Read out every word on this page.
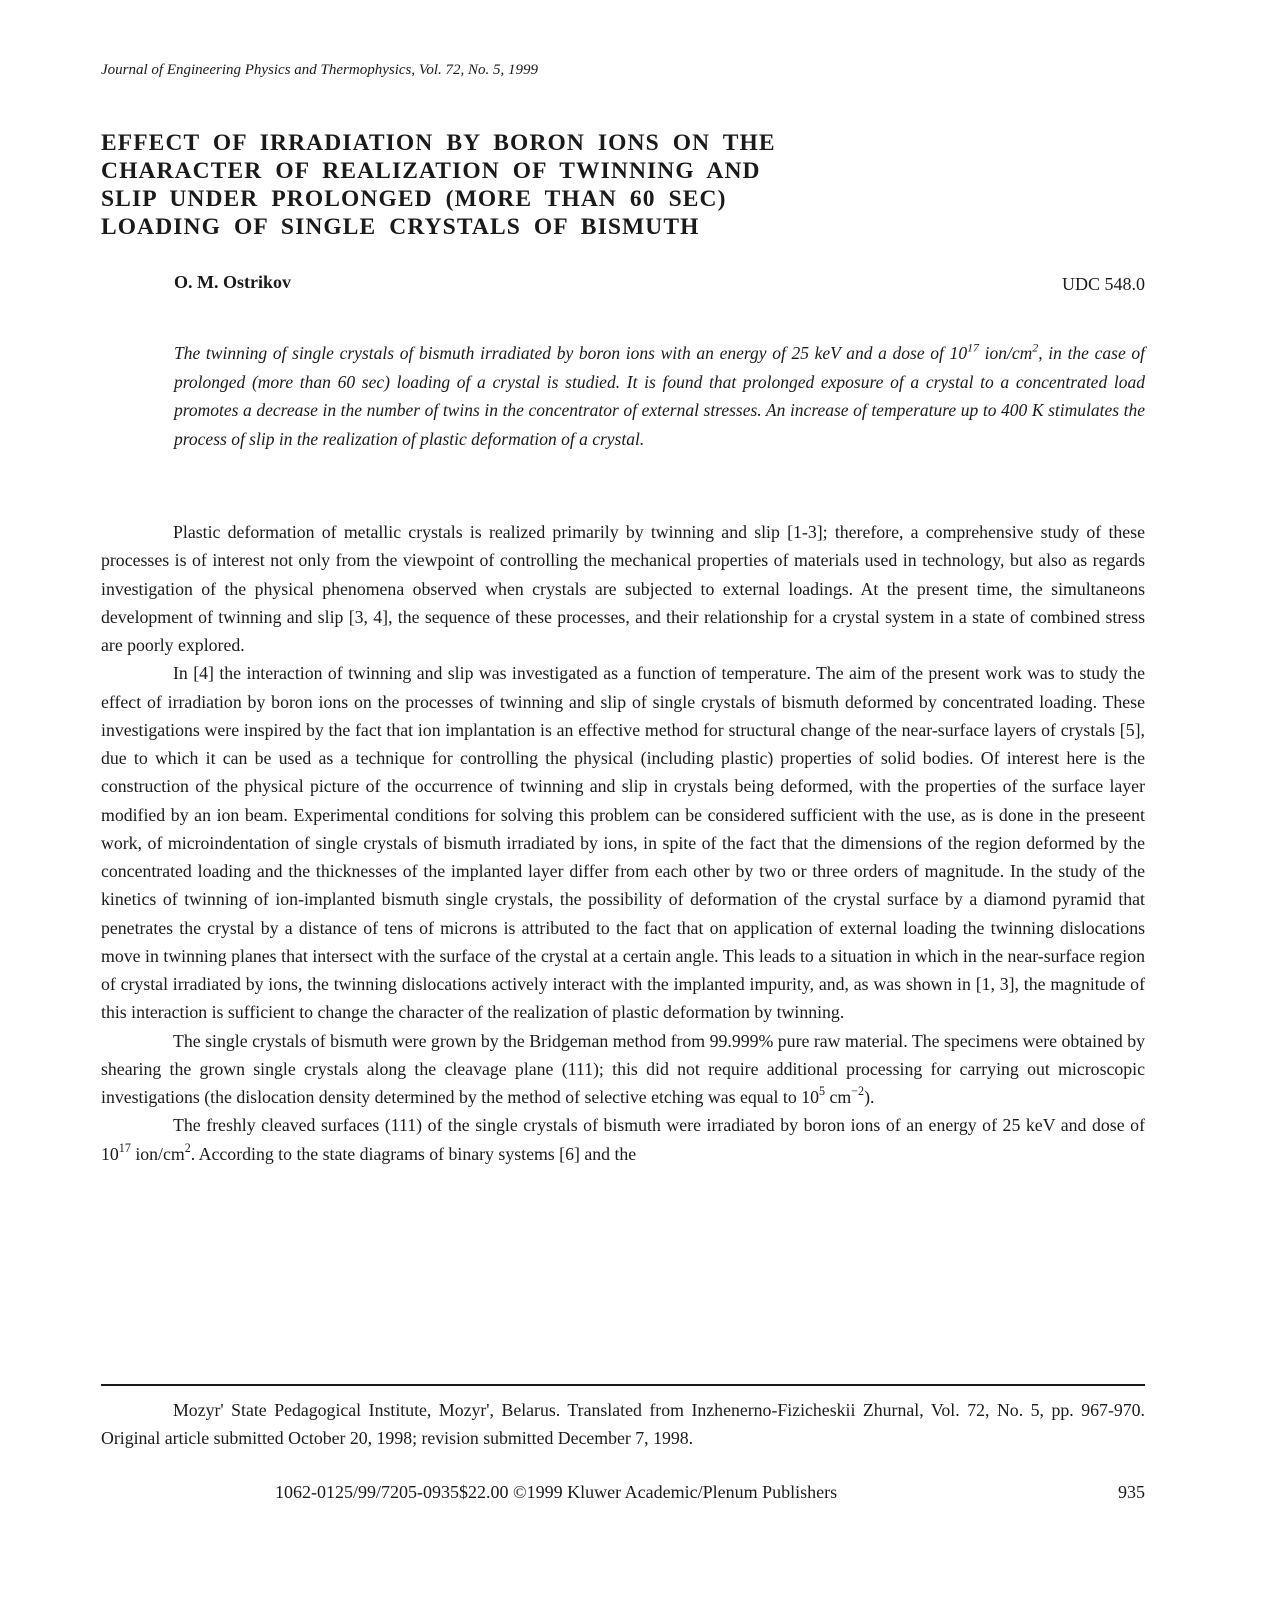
Journal of Engineering Physics and Thermophysics, Vol. 72, No. 5, 1999
EFFECT OF IRRADIATION BY BORON IONS ON THE
CHARACTER OF REALIZATION OF TWINNING AND
SLIP UNDER PROLONGED (MORE THAN 60 SEC)
LOADING OF SINGLE CRYSTALS OF BISMUTH
O. M. Ostrikov	UDC 548.0
The twinning of single crystals of bismuth irradiated by boron ions with an energy of 25 keV and a dose of $10^{17}$ ion/$cm^2$, in the case of prolonged (more than 60 sec) loading of a crystal is studied. It is found that prolonged exposure of a crystal to a concentrated load promotes a decrease in the number of twins in the concentrator of external stresses. An increase of temperature up to 400 K stimulates the process of slip in the realization of plastic deformation of a crystal.

Plastic deformation of metallic crystals is realized primarily by twinning and slip [1-3]; therefore, a comprehensive study of these processes is of interest not only from the viewpoint of controlling the mechanical properties of materials used in technology, but also as regards investigation of the physical phenomena observed when crystals are subjected to external loadings. At the present time, the simultaneons development of twinning and slip [3, 4], the sequence of these processes, and their relationship for a crystal system in a state of combined stress are poorly explored.

In [4] the interaction of twinning and slip was investigated as a function of temperature. The aim of the present work was to study the effect of irradiation by boron ions on the processes of twinning and slip of single crystals of bismuth deformed by concentrated loading. These investigations were inspired by the fact that ion implantation is an effective method for structural change of the near-surface layers of crystals [5], due to which it can be used as a technique for controlling the physical (including plastic) properties of solid bodies. Of interest here is the construction of the physical picture of the occurrence of twinning and slip in crystals being deformed, with the properties of the surface layer modified by an ion beam. Experimental conditions for solving this problem can be considered sufficient with the use, as is done in the preseent work, of microindentation of single crystals of bismuth irradiated by ions, in spite of the fact that the dimensions of the region deformed by the concentrated loading and the thicknesses of the implanted layer differ from each other by two or three orders of magnitude. In the study of the kinetics of twinning of ion-implanted bismuth single crystals, the possibility of deformation of the crystal surface by a diamond pyramid that penetrates the crystal by a distance of tens of microns is attributed to the fact that on application of external loading the twinning dislocations move in twinning planes that intersect with the surface of the crystal at a certain angle. This leads to a situation in which in the near-surface region of crystal irradiated by ions, the twinning dislocations actively interact with the implanted impurity, and, as was shown in [1, 3], the magnitude of this interaction is sufficient to change the character of the realization of plastic deformation by twinning.

The single crystals of bismuth were grown by the Bridgeman method from 99.999% pure raw material. The specimens were obtained by shearing the grown single crystals along the cleavage plane (111); this did not require additional processing for carrying out microscopic investigations (the dislocation density determined by the method of selective etching was equal to $10^5$ $cm^{-2}$).

The freshly cleaved surfaces (111) of the single crystals of bismuth were irradiated by boron ions of an energy of 25 keV and dose of $10^{17}$ ion/$cm^2$. According to the state diagrams of binary systems [6] and the

Mozyr' State Pedagogical Institute, Mozyr', Belarus. Translated from Inzhenerno-Fizicheskii Zhurnal, Vol. 72, No. 5, pp. 967-970. Original article submitted October 20, 1998; revision submitted December 7, 1998.
1062-0125/99/7205-0935$22.00 ©1999 Kluwer Academic/Plenum Publishers	935
